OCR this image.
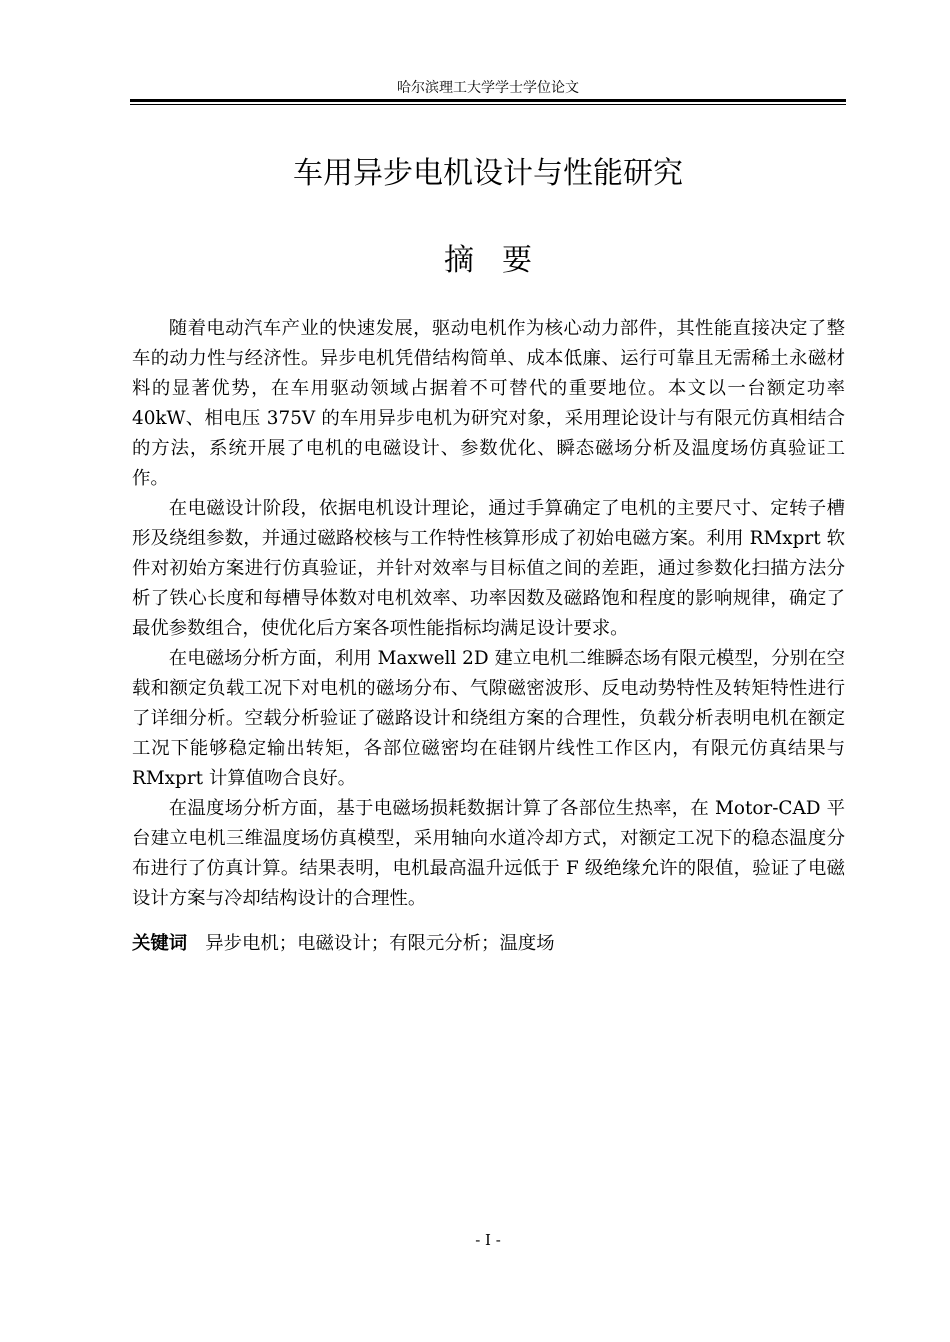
哈尔滨理工大学学士学位论文
车用异步电机设计与性能研究
摘要

随着电动汽车产业的快速发展，驱动电机作为核心动力部件，其性能直接决定了整车的动力性与经济性。异步电机凭借结构简单、成本低廉、运行可靠且无需稀土永磁材料的显著优势，在车用驱动领域占据着不可替代的重要地位。本文以一台额定功率 40kW、相电压 375V 的车用异步电机为研究对象，采用理论设计与有限元仿真相结合的方法，系统开展了电机的电磁设计、参数优化、瞬态磁场分析及温度场仿真验证工作。

在电磁设计阶段，依据电机设计理论，通过手算确定了电机的主要尺寸、定转子槽形及绕组参数，并通过磁路校核与工作特性核算形成了初始电磁方案。利用 RMxprt 软件对初始方案进行仿真验证，并针对效率与目标值之间的差距，通过参数化扫描方法分析了铁心长度和每槽导体数对电机效率、功率因数及磁路饱和程度的影响规律，确定了最优参数组合，使优化后方案各项性能指标均满足设计要求。

在电磁场分析方面，利用 Maxwell 2D 建立电机二维瞬态场有限元模型，分别在空载和额定负载工况下对电机的磁场分布、气隙磁密波形、反电动势特性及转矩特性进行了详细分析。空载分析验证了磁路设计和绕组方案的合理性，负载分析表明电机在额定工况下能够稳定输出转矩，各部位磁密均在硅钢片线性工作区内，有限元仿真结果与 RMxprt 计算值吻合良好。

在温度场分析方面，基于电磁场损耗数据计算了各部位生热率，在 Motor-CAD 平台建立电机三维温度场仿真模型，采用轴向水道冷却方式，对额定工况下的稳态温度分布进行了仿真计算。结果表明，电机最高温升远低于 F 级绝缘允许的限值，验证了电磁设计方案与冷却结构设计的合理性。

关键词 异步电机；电磁设计；有限元分析；温度场
- I -
